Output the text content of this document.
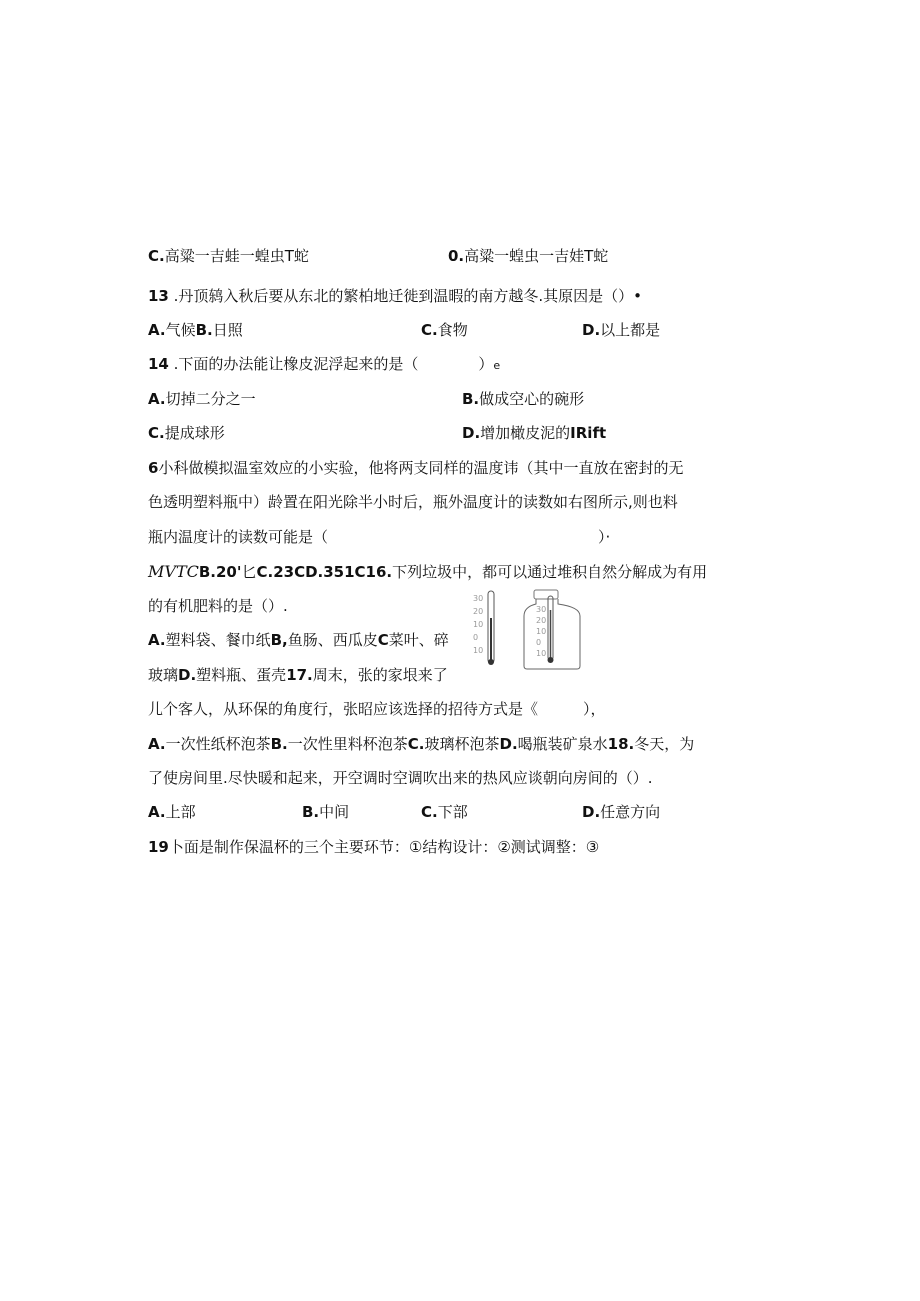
C.高粱一吉蛙一蝗虫T蛇	0.高粱一蝗虫一吉娃T蛇
13 .丹顶鸫入秋后要从东北的繁柏地迁徙到温暇的南方越冬.其原因是（）•
A.气候B.日照	C.食物	D.以上都是
14 .下面的办法能让橡皮泥浮起来的是（　　　　）e
A.切掉二分之一	B.做成空心的碗形
C.提成球形	D.增加橄皮泥的IRift
6小科做模拟温室效应的小实验，他将两支同样的温度讳（其中一直放在密封的无
色透明塑料瓶中）龄置在阳光除半小时后，瓶外温度计的读数如右图所示,则也料
瓶内温度计的读数可能是（　　　　　　　　　　　　　　　　　　）·
MVTCB.20'匕C.23CD.351C16.下列垃圾中，都可以通过堆积自然分解成为有用
的有机肥料的是（）.
A.塑料袋、餐巾纸B,鱼肠、西瓜皮C菜叶、碎
玻璃D.塑料瓶、蛋壳17.周末，张的家垠来了
30
20
10
0
10
30
20
10
0
10
儿个客人，从环保的角度行，张昭应该选择的招待方式是《　　　），
A.一次性纸杯泡茶B.一次性里料杯泡茶C.玻璃杯泡茶D.喝瓶装矿泉水18.冬天，为
了使房间里.尽快暖和起来，开空调时空调吹出来的热风应谈朝向房间的（）.
A.上部	B.中间	C.下部	D.任意方向
19卜面是制作保温杯的三个主要环节：①结构设计：②测试调整：③
